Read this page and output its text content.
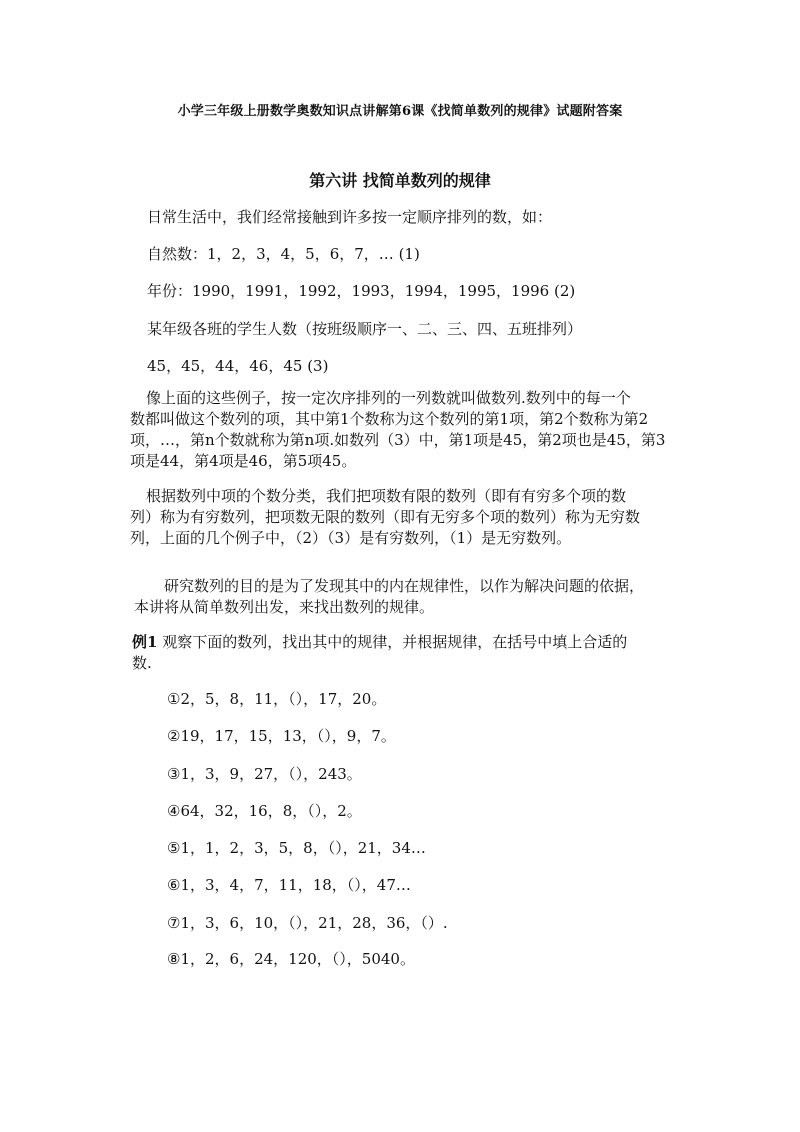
小学三年级上册数学奥数知识点讲解第6课《找简单数列的规律》试题附答案
第六讲 找简单数列的规律
日常生活中，我们经常接触到许多按一定顺序排列的数，如：
自然数：1，2，3，4，5，6，7，… (1)
年份：1990，1991，1992，1993，1994，1995，1996 (2)
某年级各班的学生人数（按班级顺序一、二、三、四、五班排列）
45，45，44，46，45 (3)
像上面的这些例子，按一定次序排列的一列数就叫做数列.数列中的每一个
数都叫做这个数列的项，其中第1个数称为这个数列的第1项，第2个数称为第2
项，…，第n个数就称为第n项.如数列（3）中，第1项是45，第2项也是45，第3
项是44，第4项是46，第5项45。
根据数列中项的个数分类，我们把项数有限的数列（即有有穷多个项的数
列）称为有穷数列，把项数无限的数列（即有无穷多个项的数列）称为无穷数
列，上面的几个例子中，（2）（3）是有穷数列，（1）是无穷数列。
研究数列的目的是为了发现其中的内在规律性，以作为解决问题的依据，
本讲将从简单数列出发，来找出数列的规律。
例1 观察下面的数列，找出其中的规律，并根据规律，在括号中填上合适的
数.
①2，5，8，11，（），17，20。
②19，17，15，13，（），9，7。
③1，3，9，27，（），243。
④64，32，16，8，（），2。
⑤1，1，2，3，5，8，（），21，34…
⑥1，3，4，7，11，18，（），47…
⑦1，3，6，10，（），21，28，36，（）.
⑧1，2，6，24，120，（），5040。
